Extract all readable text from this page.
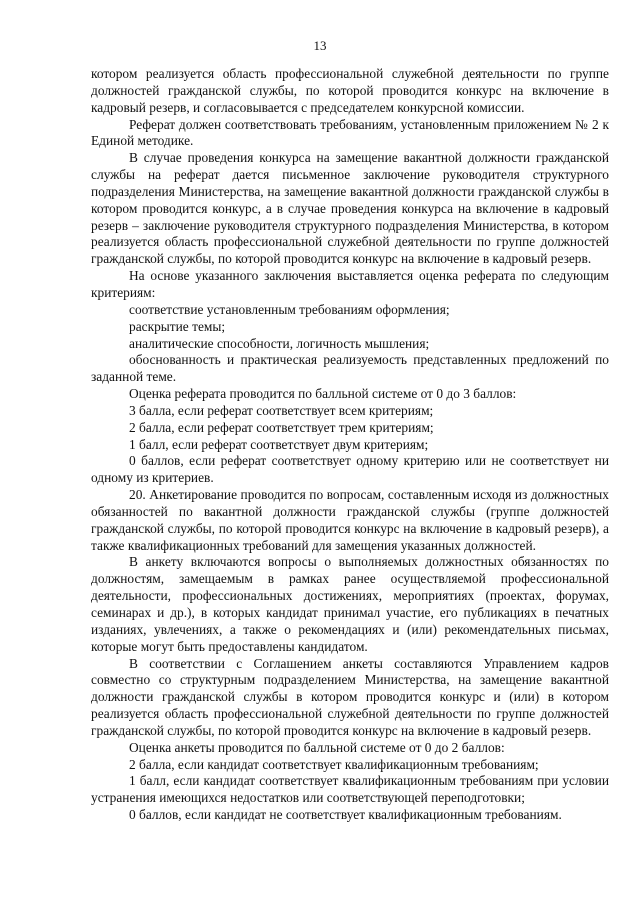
13

котором реализуется область профессиональной служебной деятельности по группе должностей гражданской службы, по которой проводится конкурс на включение в кадровый резерв, и согласовывается с председателем конкурсной комиссии.

Реферат должен соответствовать требованиям, установленным приложением № 2 к Единой методике.

В случае проведения конкурса на замещение вакантной должности гражданской службы на реферат дается письменное заключение руководителя структурного подразделения Министерства, на замещение вакантной должности гражданской службы в котором проводится конкурс, а в случае проведения конкурса на включение в кадровый резерв – заключение руководителя структурного подразделения Министерства, в котором реализуется область профессиональной служебной деятельности по группе должностей гражданской службы, по которой проводится конкурс на включение в кадровый резерв.

На основе указанного заключения выставляется оценка реферата по следующим критериям:

соответствие установленным требованиям оформления;

раскрытие темы;

аналитические способности, логичность мышления;

обоснованность и практическая реализуемость представленных предложений по заданной теме.

Оценка реферата проводится по балльной системе от 0 до 3 баллов:

3 балла, если реферат соответствует всем критериям;

2 балла, если реферат соответствует трем критериям;

1 балл, если реферат соответствует двум критериям;

0 баллов, если реферат соответствует одному критерию или не соответствует ни одному из критериев.

20. Анкетирование проводится по вопросам, составленным исходя из должностных обязанностей по вакантной должности гражданской службы (группе должностей гражданской службы, по которой проводится конкурс на включение в кадровый резерв), а также квалификационных требований для замещения указанных должностей.

В анкету включаются вопросы о выполняемых должностных обязанностях по должностям, замещаемым в рамках ранее осуществляемой профессиональной деятельности, профессиональных достижениях, мероприятиях (проектах, форумах, семинарах и др.), в которых кандидат принимал участие, его публикациях в печатных изданиях, увлечениях, а также о рекомендациях и (или) рекомендательных письмах, которые могут быть предоставлены кандидатом.

В соответствии с Соглашением анкеты составляются Управлением кадров совместно со структурным подразделением Министерства, на замещение вакантной должности гражданской службы в котором проводится конкурс и (или) в котором реализуется область профессиональной служебной деятельности по группе должностей гражданской службы, по которой проводится конкурс на включение в кадровый резерв.

Оценка анкеты проводится по балльной системе от 0 до 2 баллов:

2 балла, если кандидат соответствует квалификационным требованиям;

1 балл, если кандидат соответствует квалификационным требованиям при условии устранения имеющихся недостатков или соответствующей переподготовки;

0 баллов, если кандидат не соответствует квалификационным требованиям.
